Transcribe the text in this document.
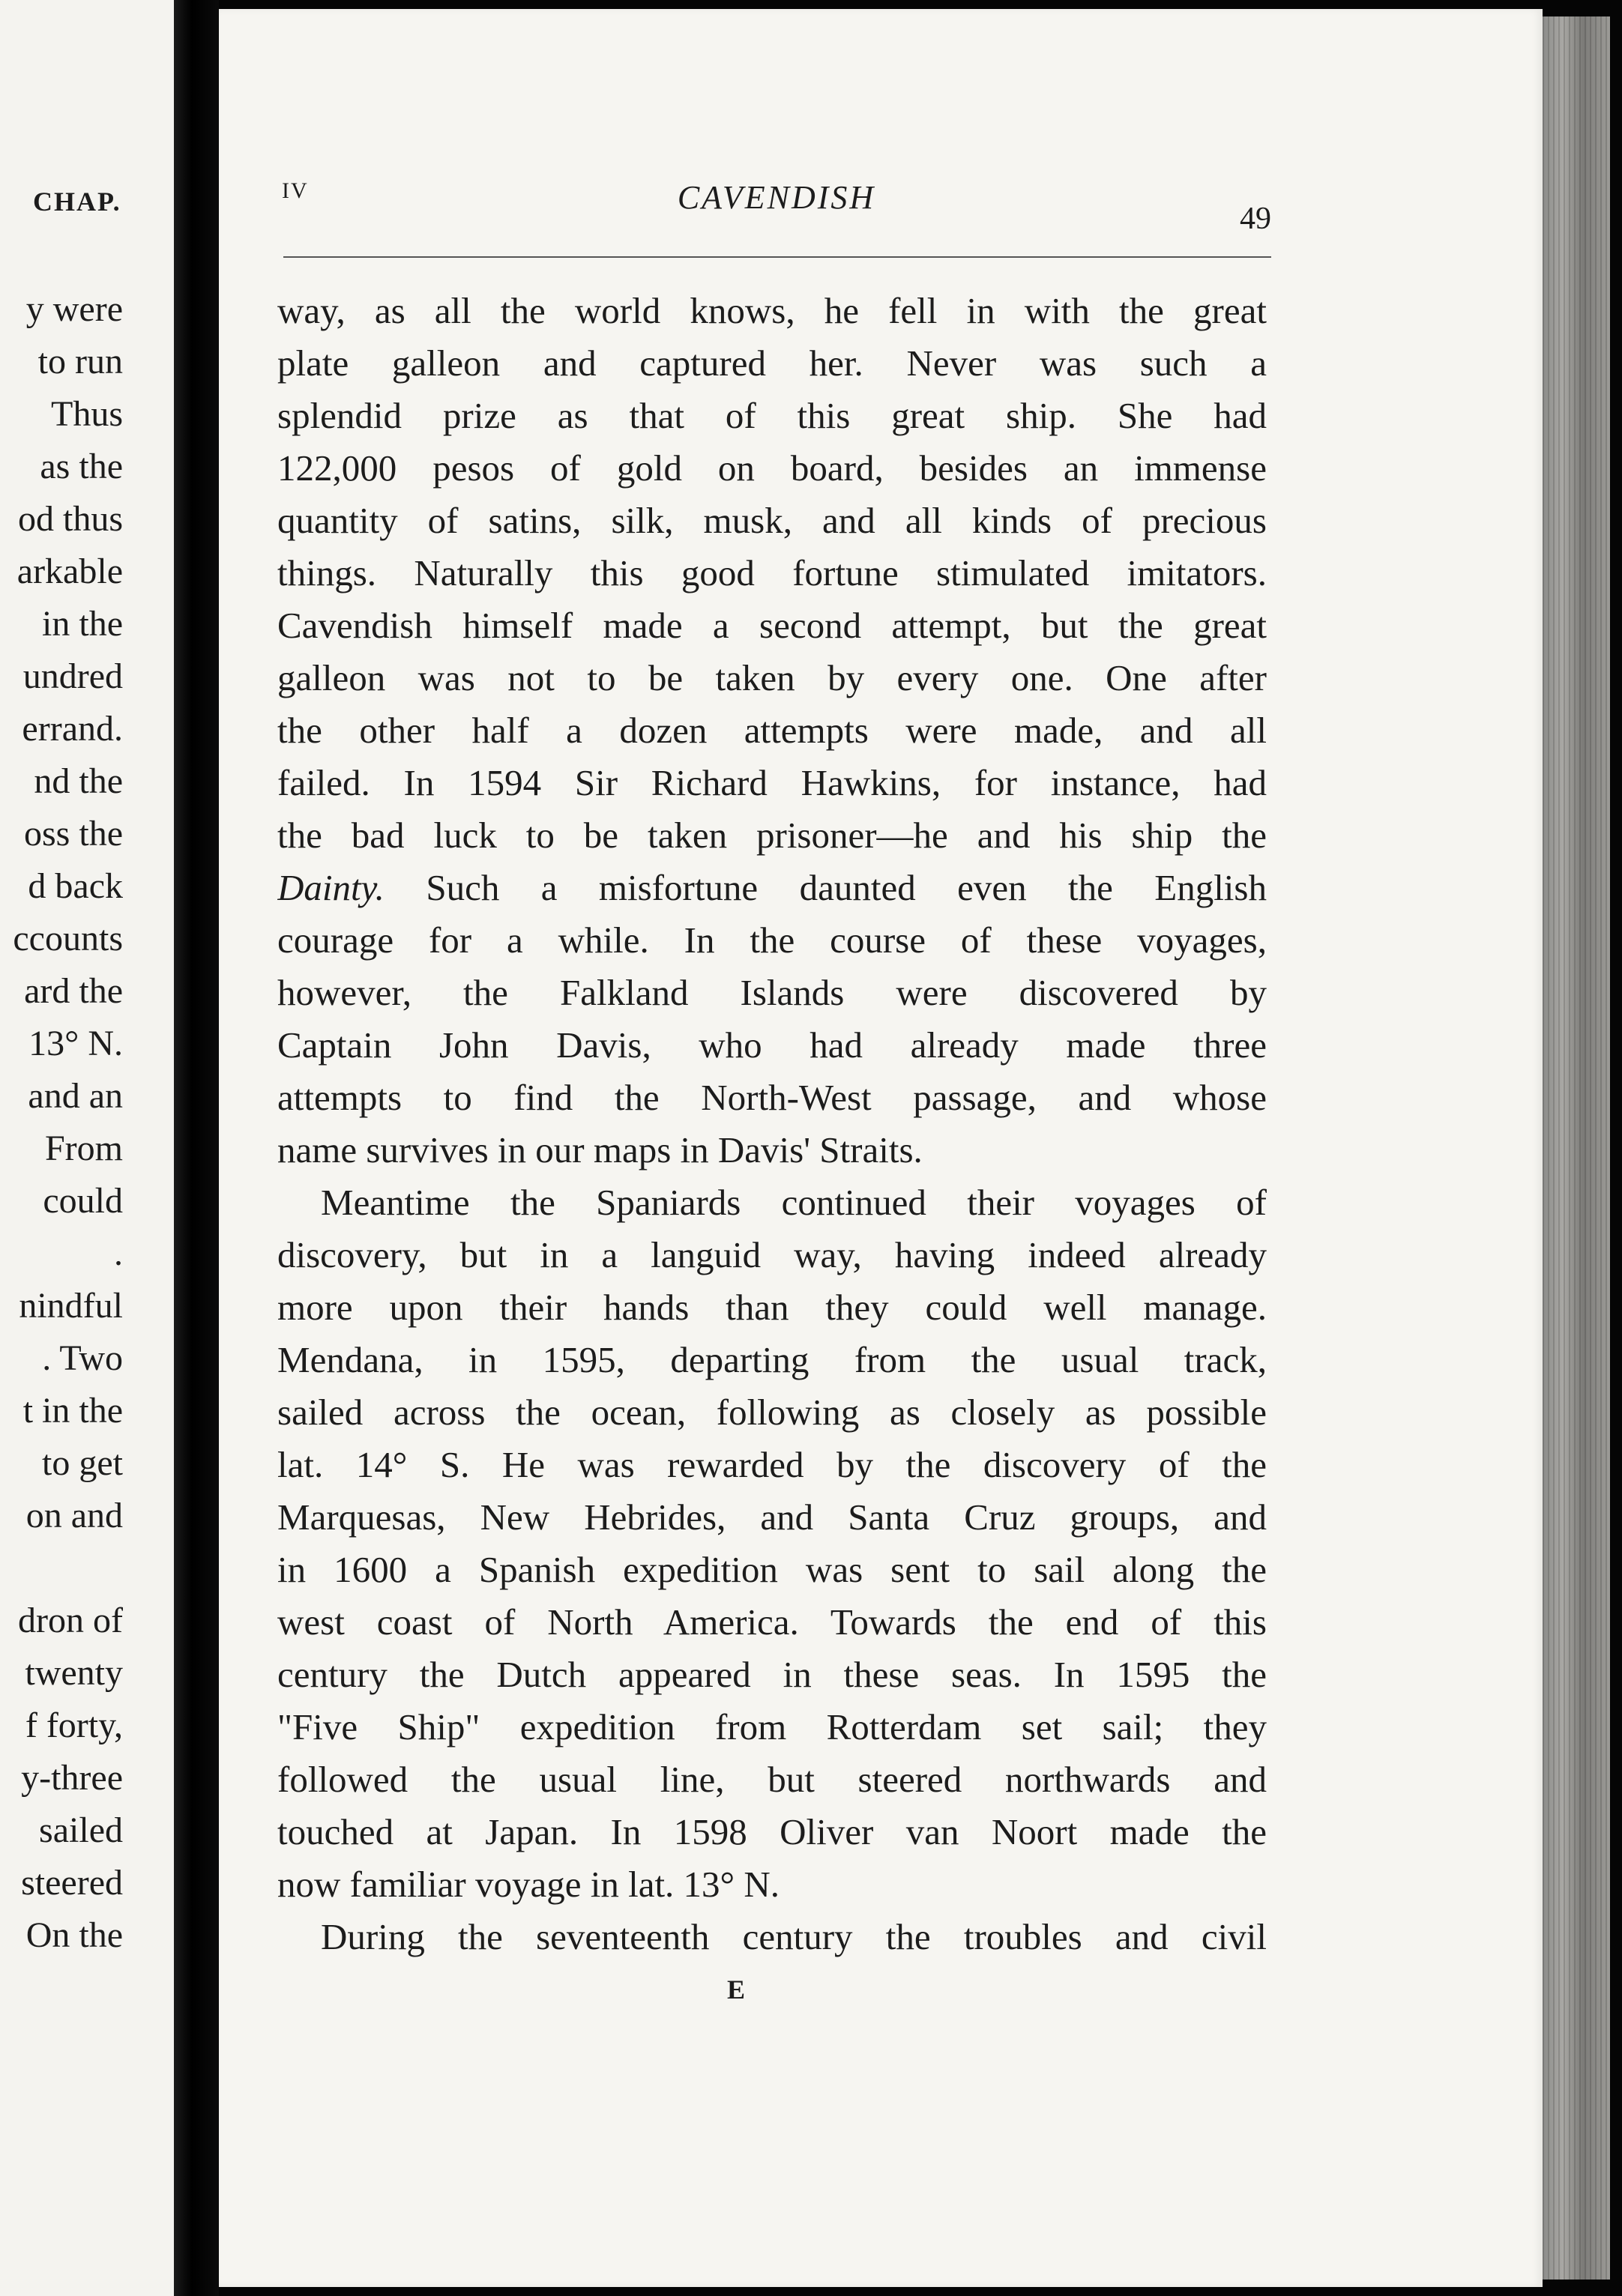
CHAP.
y were
to run
Thus
as the
od thus
arkable
in the
undred
errand.
nd the
oss the
d back
ccounts
ard the
13° N.
and an
From
could
.
nindful
. Two
t in the
to get
on and
dron of
twenty
f forty,
y-three
sailed
steered
On the
IV	CAVENDISH
49
way, as all the world knows, he fell in with the great
plate galleon and captured her. Never was such a
splendid prize as that of this great ship. She had
122,000 pesos of gold on board, besides an immense
quantity of satins, silk, musk, and all kinds of precious
things. Naturally this good fortune stimulated imitators.
Cavendish himself made a second attempt, but the great
galleon was not to be taken by every one. One after
the other half a dozen attempts were made, and all
failed. In 1594 Sir Richard Hawkins, for instance, had
the bad luck to be taken prisoner—he and his ship the
Dainty. Such a misfortune daunted even the English
courage for a while. In the course of these voyages,
however, the Falkland Islands were discovered by
Captain John Davis, who had already made three
attempts to find the North-West passage, and whose
name survives in our maps in Davis' Straits.
Meantime the Spaniards continued their voyages of
discovery, but in a languid way, having indeed already
more upon their hands than they could well manage.
Mendana, in 1595, departing from the usual track,
sailed across the ocean, following as closely as possible
lat. 14° S. He was rewarded by the discovery of the
Marquesas, New Hebrides, and Santa Cruz groups, and
in 1600 a Spanish expedition was sent to sail along the
west coast of North America. Towards the end of this
century the Dutch appeared in these seas. In 1595 the
"Five Ship" expedition from Rotterdam set sail; they
followed the usual line, but steered northwards and
touched at Japan. In 1598 Oliver van Noort made the
now familiar voyage in lat. 13° N.
During the seventeenth century the troubles and civil
E
